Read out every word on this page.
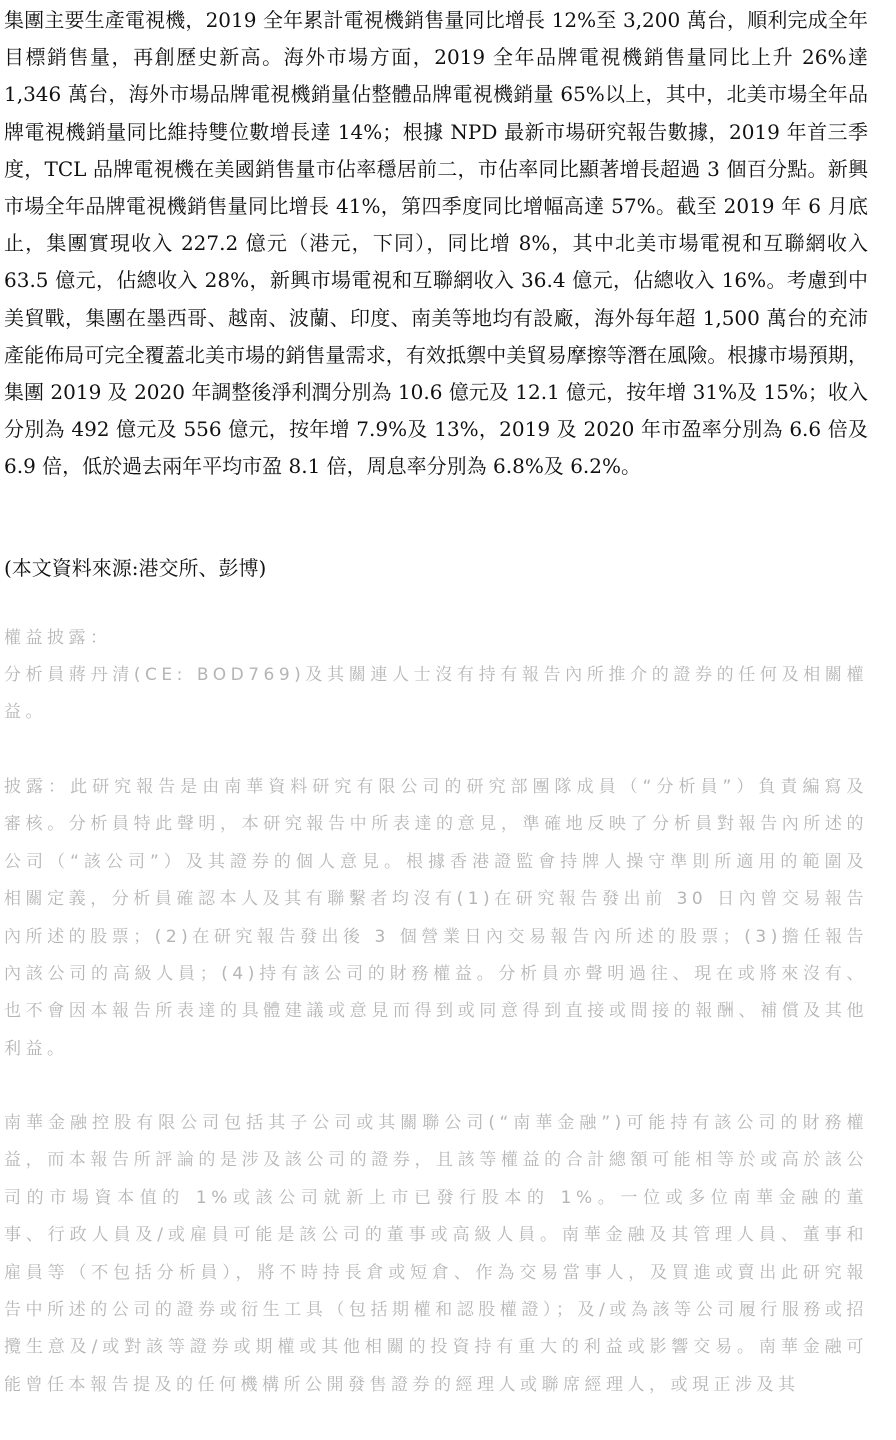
集團主要生產電視機，2019 全年累計電視機銷售量同比增長 12%至 3,200 萬台，順利完成全年目標銷售量，再創歷史新高。海外市場方面，2019 全年品牌電視機銷售量同比上升 26%達 1,346 萬台，海外市場品牌電視機銷量佔整體品牌電視機銷量 65%以上，其中，北美市場全年品牌電視機銷量同比維持雙位數增長達 14%；根據 NPD 最新市場研究報告數據，2019 年首三季度，TCL 品牌電視機在美國銷售量市佔率穩居前二，市佔率同比顯著增長超過 3 個百分點。新興市場全年品牌電視機銷售量同比增長 41%，第四季度同比增幅高達 57%。截至 2019 年 6 月底止，集團實現收入 227.2 億元（港元，下同），同比增 8%，其中北美市場電視和互聯網收入 63.5 億元，佔總收入 28%，新興市場電視和互聯網收入 36.4 億元，佔總收入 16%。考慮到中美貿戰，集團在墨西哥、越南、波蘭、印度、南美等地均有設廠，海外每年超 1,500 萬台的充沛產能佈局可完全覆蓋北美市場的銷售量需求，有效抵禦中美貿易摩擦等潛在風險。根據市場預期，集團 2019 及 2020 年調整後淨利潤分別為 10.6 億元及 12.1 億元，按年增 31%及 15%；收入分別為 492 億元及 556 億元，按年增 7.9%及 13%，2019 及 2020 年市盈率分別為 6.6 倍及 6.9 倍，低於過去兩年平均市盈 8.1 倍，周息率分別為 6.8%及 6.2%。

(本文資料來源:港交所、彭博)

權益披露：

分析員蔣丹清(CE: BOD769)及其關連人士沒有持有報告內所推介的證券的任何及相關權益。

披露：此研究報告是由南華資料研究有限公司的研究部團隊成員（“分析員”）負責編寫及審核。分析員特此聲明，本研究報告中所表達的意見，準確地反映了分析員對報告內所述的公司（“該公司”）及其證券的個人意見。根據香港證監會持牌人操守準則所適用的範圍及相關定義，分析員確認本人及其有聯繫者均沒有(1)在研究報告發出前 30 日內曾交易報告內所述的股票；(2)在研究報告發出後 3 個營業日內交易報告內所述的股票；(3)擔任報告內該公司的高級人員；(4)持有該公司的財務權益。分析員亦聲明過往、現在或將來沒有、也不會因本報告所表達的具體建議或意見而得到或同意得到直接或間接的報酬、補償及其他利益。

南華金融控股有限公司包括其子公司或其關聯公司(“南華金融”)可能持有該公司的財務權益，而本報告所評論的是涉及該公司的證券，且該等權益的合計總額可能相等於或高於該公司的市場資本值的 1%或該公司就新上市已發行股本的 1%。一位或多位南華金融的董事、行政人員及/或雇員可能是該公司的董事或高級人員。南華金融及其管理人員、董事和雇員等（不包括分析員），將不時持長倉或短倉、作為交易當事人，及買進或賣出此研究報告中所述的公司的證券或衍生工具（包括期權和認股權證）；及/或為該等公司履行服務或招攬生意及/或對該等證券或期權或其他相關的投資持有重大的利益或影響交易。南華金融可能曾任本報告提及的任何機構所公開發售證券的經理人或聯席經理人，或現正涉及其
